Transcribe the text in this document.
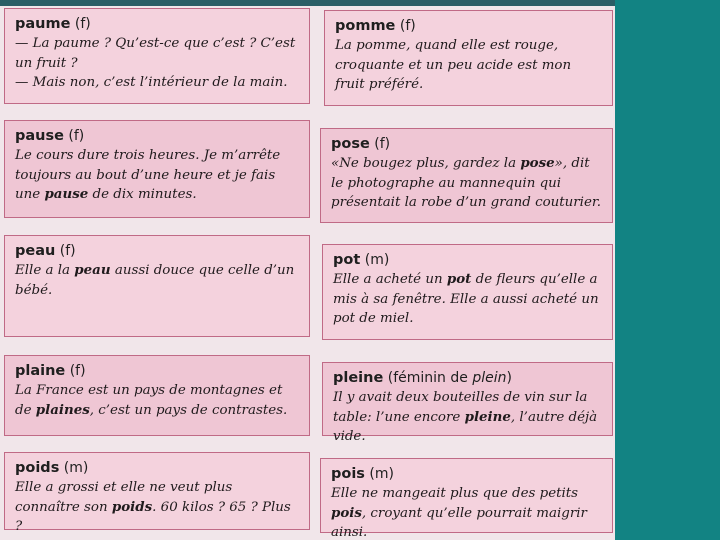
paume (f)
— La paume ? Qu’est-ce que c’est ? C’est un fruit ?
— Mais non, c’est l’intérieur de la main.
pomme (f)
La pomme, quand elle est rouge, croquante et un peu acide est mon fruit préféré.
pause (f)
Le cours dure trois heures. Je m’arrête toujours au bout d’une heure et je fais une pause de dix minutes.
pose (f)
«Ne bougez plus, gardez la pose», dit le photographe au mannequin qui présentait la robe d’un grand couturier.
peau (f)
Elle a la peau aussi douce que celle d’un bébé.
pot (m)
Elle a acheté un pot de fleurs qu’elle a mis à sa fenêtre. Elle a aussi acheté un pot de miel.
plaine (f)
La France est un pays de montagnes et de plaines, c’est un pays de contrastes.
pleine (féminin de plein)
Il y avait deux bouteilles de vin sur la table: l’une encore pleine, l’autre déjà vide.
poids (m)
Elle a grossi et elle ne veut plus connaître son poids. 60 kilos ? 65 ? Plus ?
pois (m)
Elle ne mangeait plus que des petits pois, croyant qu’elle pourrait maigrir ainsi.
